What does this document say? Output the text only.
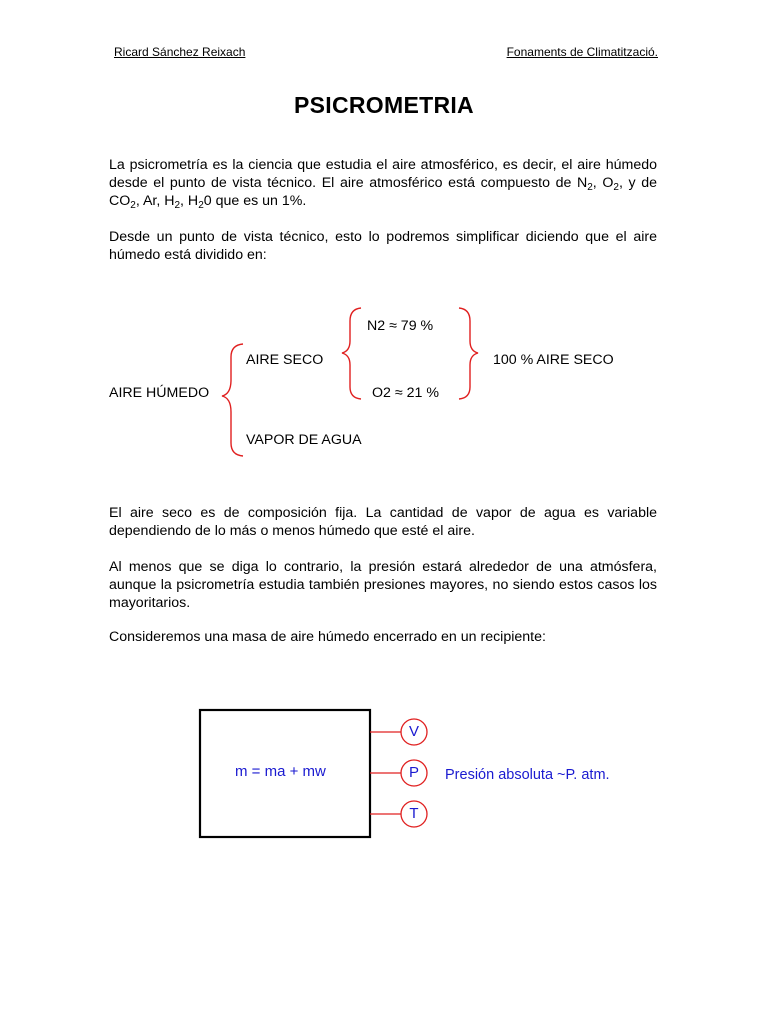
Ricard Sánchez Reixach	Fonaments de Climatització.
PSICROMETRIA
La psicrometría es la ciencia que estudia el aire atmosférico, es decir, el aire húmedo desde el punto de vista técnico. El aire atmosférico está compuesto de $N_2$, $O_2$, y de $CO_2$, Ar, $H_2$, $H_20$ que es un 1%.
Desde un punto de vista técnico, esto lo podremos simplificar diciendo que el aire húmedo está dividido en:
N2 ≈ 79 %
AIRE SECO	100 % AIRE SECO
AIRE HÚMEDO	O2 ≈ 21 %
VAPOR DE AGUA
El aire seco es de composición fija. La cantidad de vapor de agua es variable dependiendo de lo más o menos húmedo que esté el aire.
Al menos que se diga lo contrario, la presión estará alrededor de una atmósfera, aunque la psicrometría estudia también presiones mayores, no siendo estos casos los mayoritarios.
Consideremos una masa de aire húmedo encerrado en un recipiente:
m = ma + mw
V
P
T
Presión absoluta ~P. atm.
